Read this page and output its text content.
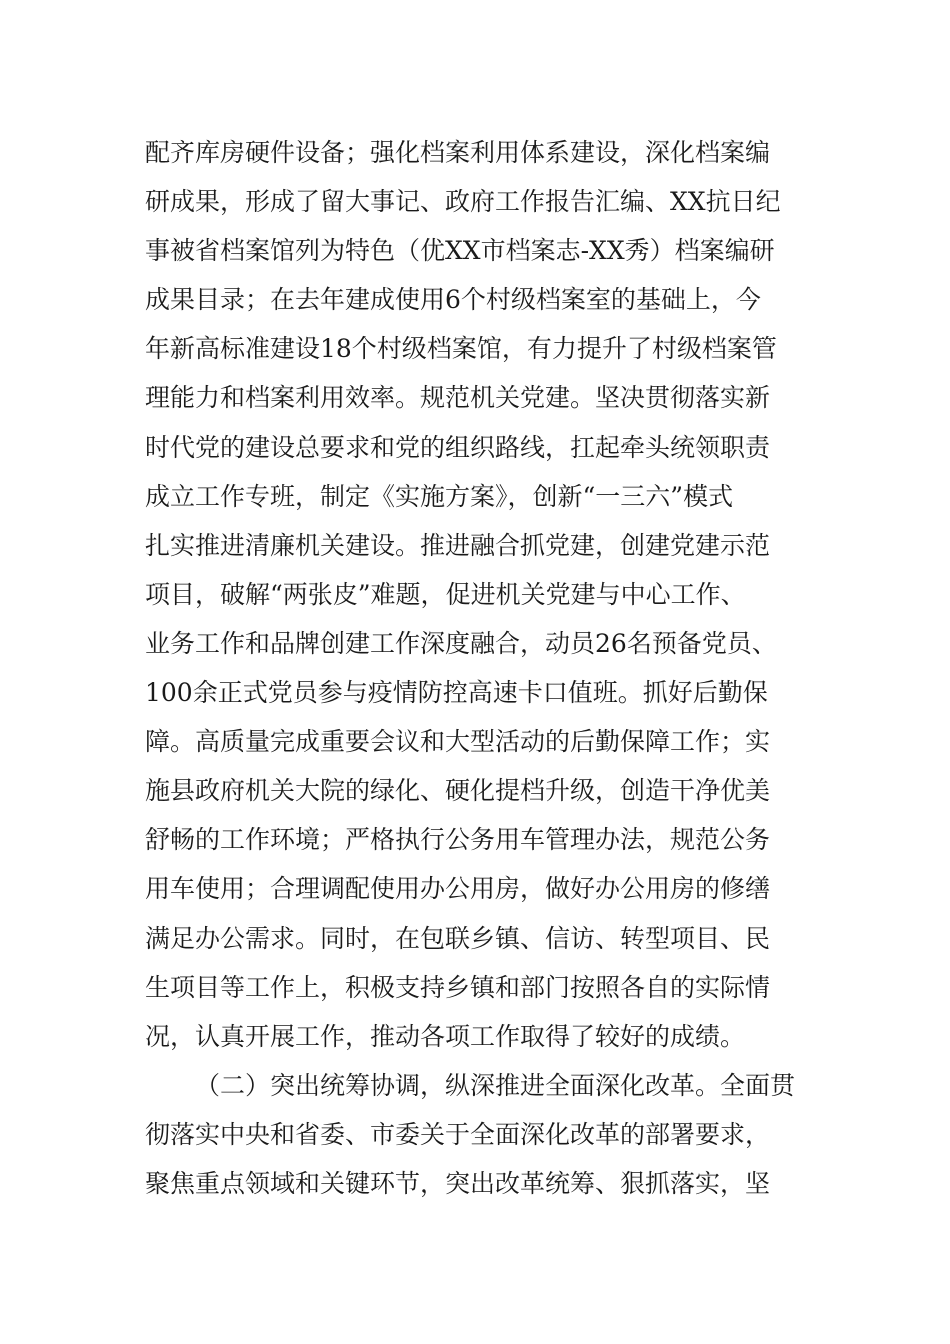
配齐库房硬件设备；强化档案利用体系建设，深化档案编
研成果，形成了留大事记、政府工作报告汇编、XX抗日纪
事被省档案馆列为特色（优XX市档案志-XX秀）档案编研
成果目录；在去年建成使用6个村级档案室的基础上，今
年新高标准建设18个村级档案馆，有力提升了村级档案管
理能力和档案利用效率。规范机关党建。坚决贯彻落实新
时代党的建设总要求和党的组织路线，扛起牵头统领职责
成立工作专班，制定《实施方案》，创新“一三六”模式
扎实推进清廉机关建设。推进融合抓党建，创建党建示范
项目，破解“两张皮”难题，促进机关党建与中心工作、
业务工作和品牌创建工作深度融合，动员26名预备党员、
100余正式党员参与疫情防控高速卡口值班。抓好后勤保
障。高质量完成重要会议和大型活动的后勤保障工作；实
施县政府机关大院的绿化、硬化提档升级，创造干净优美
舒畅的工作环境；严格执行公务用车管理办法，规范公务
用车使用；合理调配使用办公用房，做好办公用房的修缮
满足办公需求。同时，在包联乡镇、信访、转型项目、民
生项目等工作上，积极支持乡镇和部门按照各自的实际情
况，认真开展工作，推动各项工作取得了较好的成绩。
（二）突出统筹协调，纵深推进全面深化改革。全面贯
彻落实中央和省委、市委关于全面深化改革的部署要求，
聚焦重点领域和关键环节，突出改革统筹、狠抓落实，坚
